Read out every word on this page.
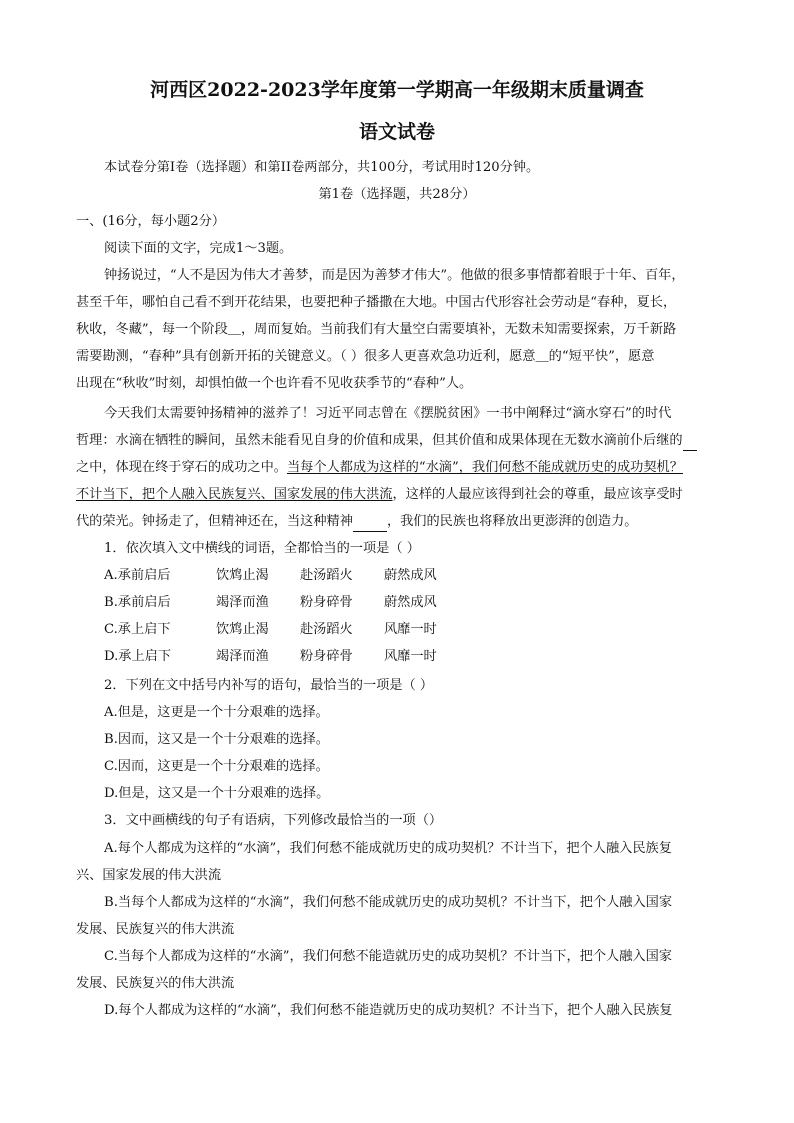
河西区2022-2023学年度第一学期高一年级期末质量调查
语文试卷
本试卷分第I卷（选择题）和第II卷两部分，共100分，考试用时120分钟。
第1卷（选择题，共28分）
一、(16分，每小题2分）
阅读下面的文字，完成1～3题。
钟扬说过，“人不是因为伟大才善梦，而是因为善梦才伟大”。他做的很多事情都着眼于十年、百年，
甚至千年，哪怕自己看不到开花结果，也要把种子播撒在大地。中国古代形容社会劳动是“春种，夏长，
秋收，冬藏”，每一个阶段＿，周而复始。当前我们有大量空白需要填补，无数未知需要探索，万千新路
需要勘测，“春种”具有创新开拓的关键意义。（ ）很多人更喜欢急功近利，愿意＿的“短平快”，愿意
出现在“秋收”时刻，却惧怕做一个也许看不见收获季节的“春种”人。
今天我们太需要钟扬精神的滋养了！习近平同志曾在《摆脱贫困》一书中阐释过“滴水穿石”的时代
哲理：水滴在牺牲的瞬间，虽然未能看见自身的价值和成果，但其价值和成果体现在无数水滴前仆后继的
之中，体现在终于穿石的成功之中。当每个人都成为这样的“水滴”，我们何愁不能成就历史的成功契机？
不计当下，把个人融入民族复兴、国家发展的伟大洪流，这样的人最应该得到社会的尊重，最应该享受时
代的荣光。钟扬走了，但精神还在，当这种精神	，我们的民族也将释放出更澎湃的创造力。
1．依次填入文中横线的词语，全都恰当的一项是（ ）
A.承前启后	饮鸩止渴 赴汤蹈火 蔚然成风
B.承前启后	竭泽而渔 粉身碎骨 蔚然成风
C.承上启下	饮鸩止渴 赴汤蹈火 风靡一时
D.承上启下	竭泽而渔 粉身碎骨 风靡一时
2．下列在文中括号内补写的语句，最恰当的一项是（ ）
A.但是，这更是一个十分艰难的选择。
B.因而，这又是一个十分艰难的选择。
C.因而，这更是一个十分艰难的选择。
D.但是，这又是一个十分艰难的选择。
3．文中画横线的句子有语病，下列修改最恰当的一项（）
A.每个人都成为这样的“水滴”，我们何愁不能成就历史的成功契机？不计当下，把个人融入民族复
兴、国家发展的伟大洪流
B.当每个人都成为这样的“水滴”，我们何愁不能成就历史的成功契机？不计当下，把个人融入国家
发展、民族复兴的伟大洪流
C.当每个人都成为这样的“水滴”，我们何愁不能造就历史的成功契机？不计当下，把个人融入国家
发展、民族复兴的伟大洪流
D.每个人都成为这样的“水滴”，我们何愁不能造就历史的成功契机？不计当下，把个人融入民族复
